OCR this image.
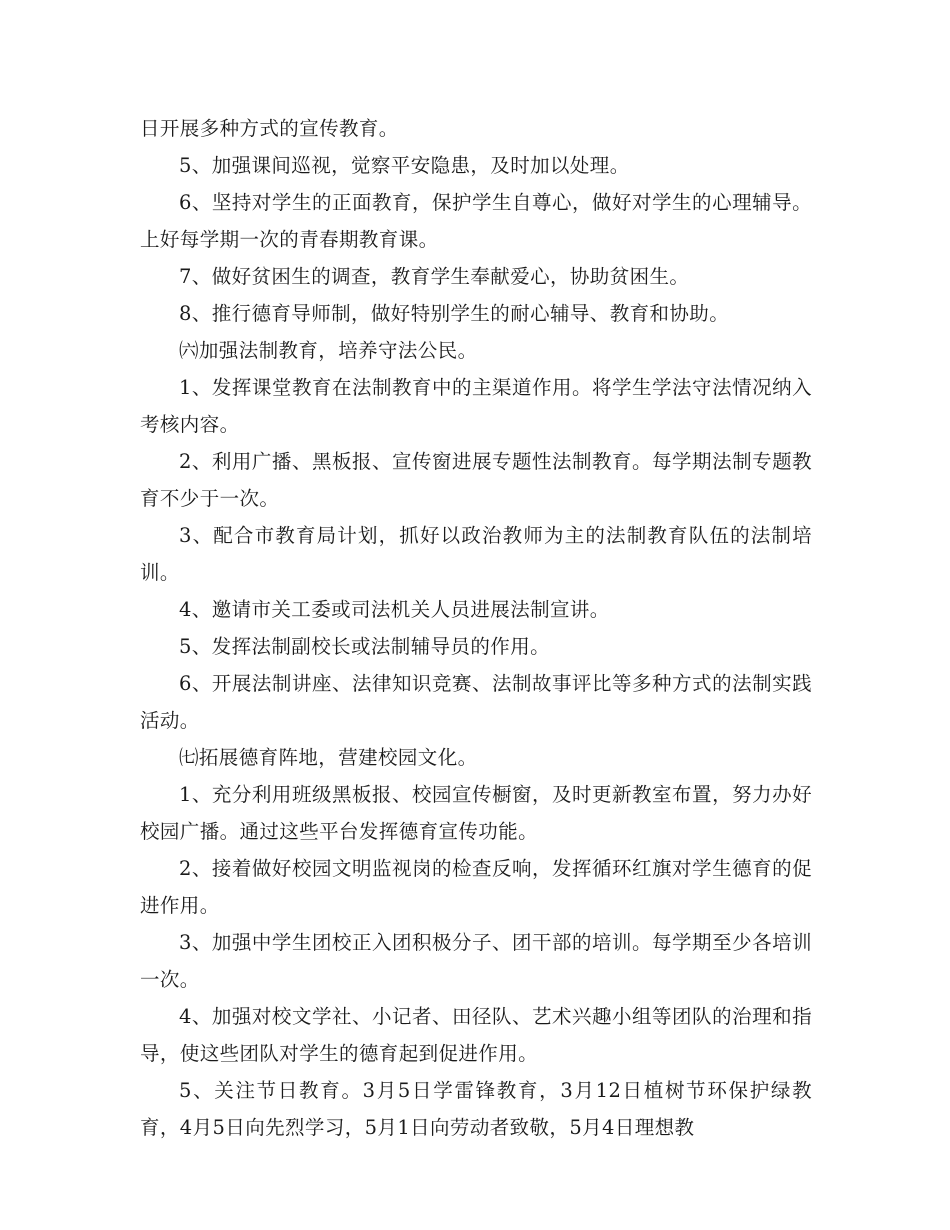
日开展多种方式的宣传教育。

5、加强课间巡视，觉察平安隐患，及时加以处理。

6、坚持对学生的正面教育，保护学生自尊心，做好对学生的心理辅导。上好每学期一次的青春期教育课。

7、做好贫困生的调查，教育学生奉献爱心，协助贫困生。

8、推行德育导师制，做好特别学生的耐心辅导、教育和协助。

㈥加强法制教育，培养守法公民。

1、发挥课堂教育在法制教育中的主渠道作用。将学生学法守法情况纳入考核内容。

2、利用广播、黑板报、宣传窗进展专题性法制教育。每学期法制专题教育不少于一次。

3、配合市教育局计划，抓好以政治教师为主的法制教育队伍的法制培训。

4、邀请市关工委或司法机关人员进展法制宣讲。

5、发挥法制副校长或法制辅导员的作用。

6、开展法制讲座、法律知识竞赛、法制故事评比等多种方式的法制实践活动。

㈦拓展德育阵地，营建校园文化。

1、充分利用班级黑板报、校园宣传橱窗，及时更新教室布置，努力办好校园广播。通过这些平台发挥德育宣传功能。

2、接着做好校园文明监视岗的检查反响，发挥循环红旗对学生德育的促进作用。

3、加强中学生团校正入团积极分子、团干部的培训。每学期至少各培训一次。

4、加强对校文学社、小记者、田径队、艺术兴趣小组等团队的治理和指导，使这些团队对学生的德育起到促进作用。

5、关注节日教育。3月5日学雷锋教育，3月12日植树节环保护绿教育，4月5日向先烈学习，5月1日向劳动者致敬，5月4日理想教
